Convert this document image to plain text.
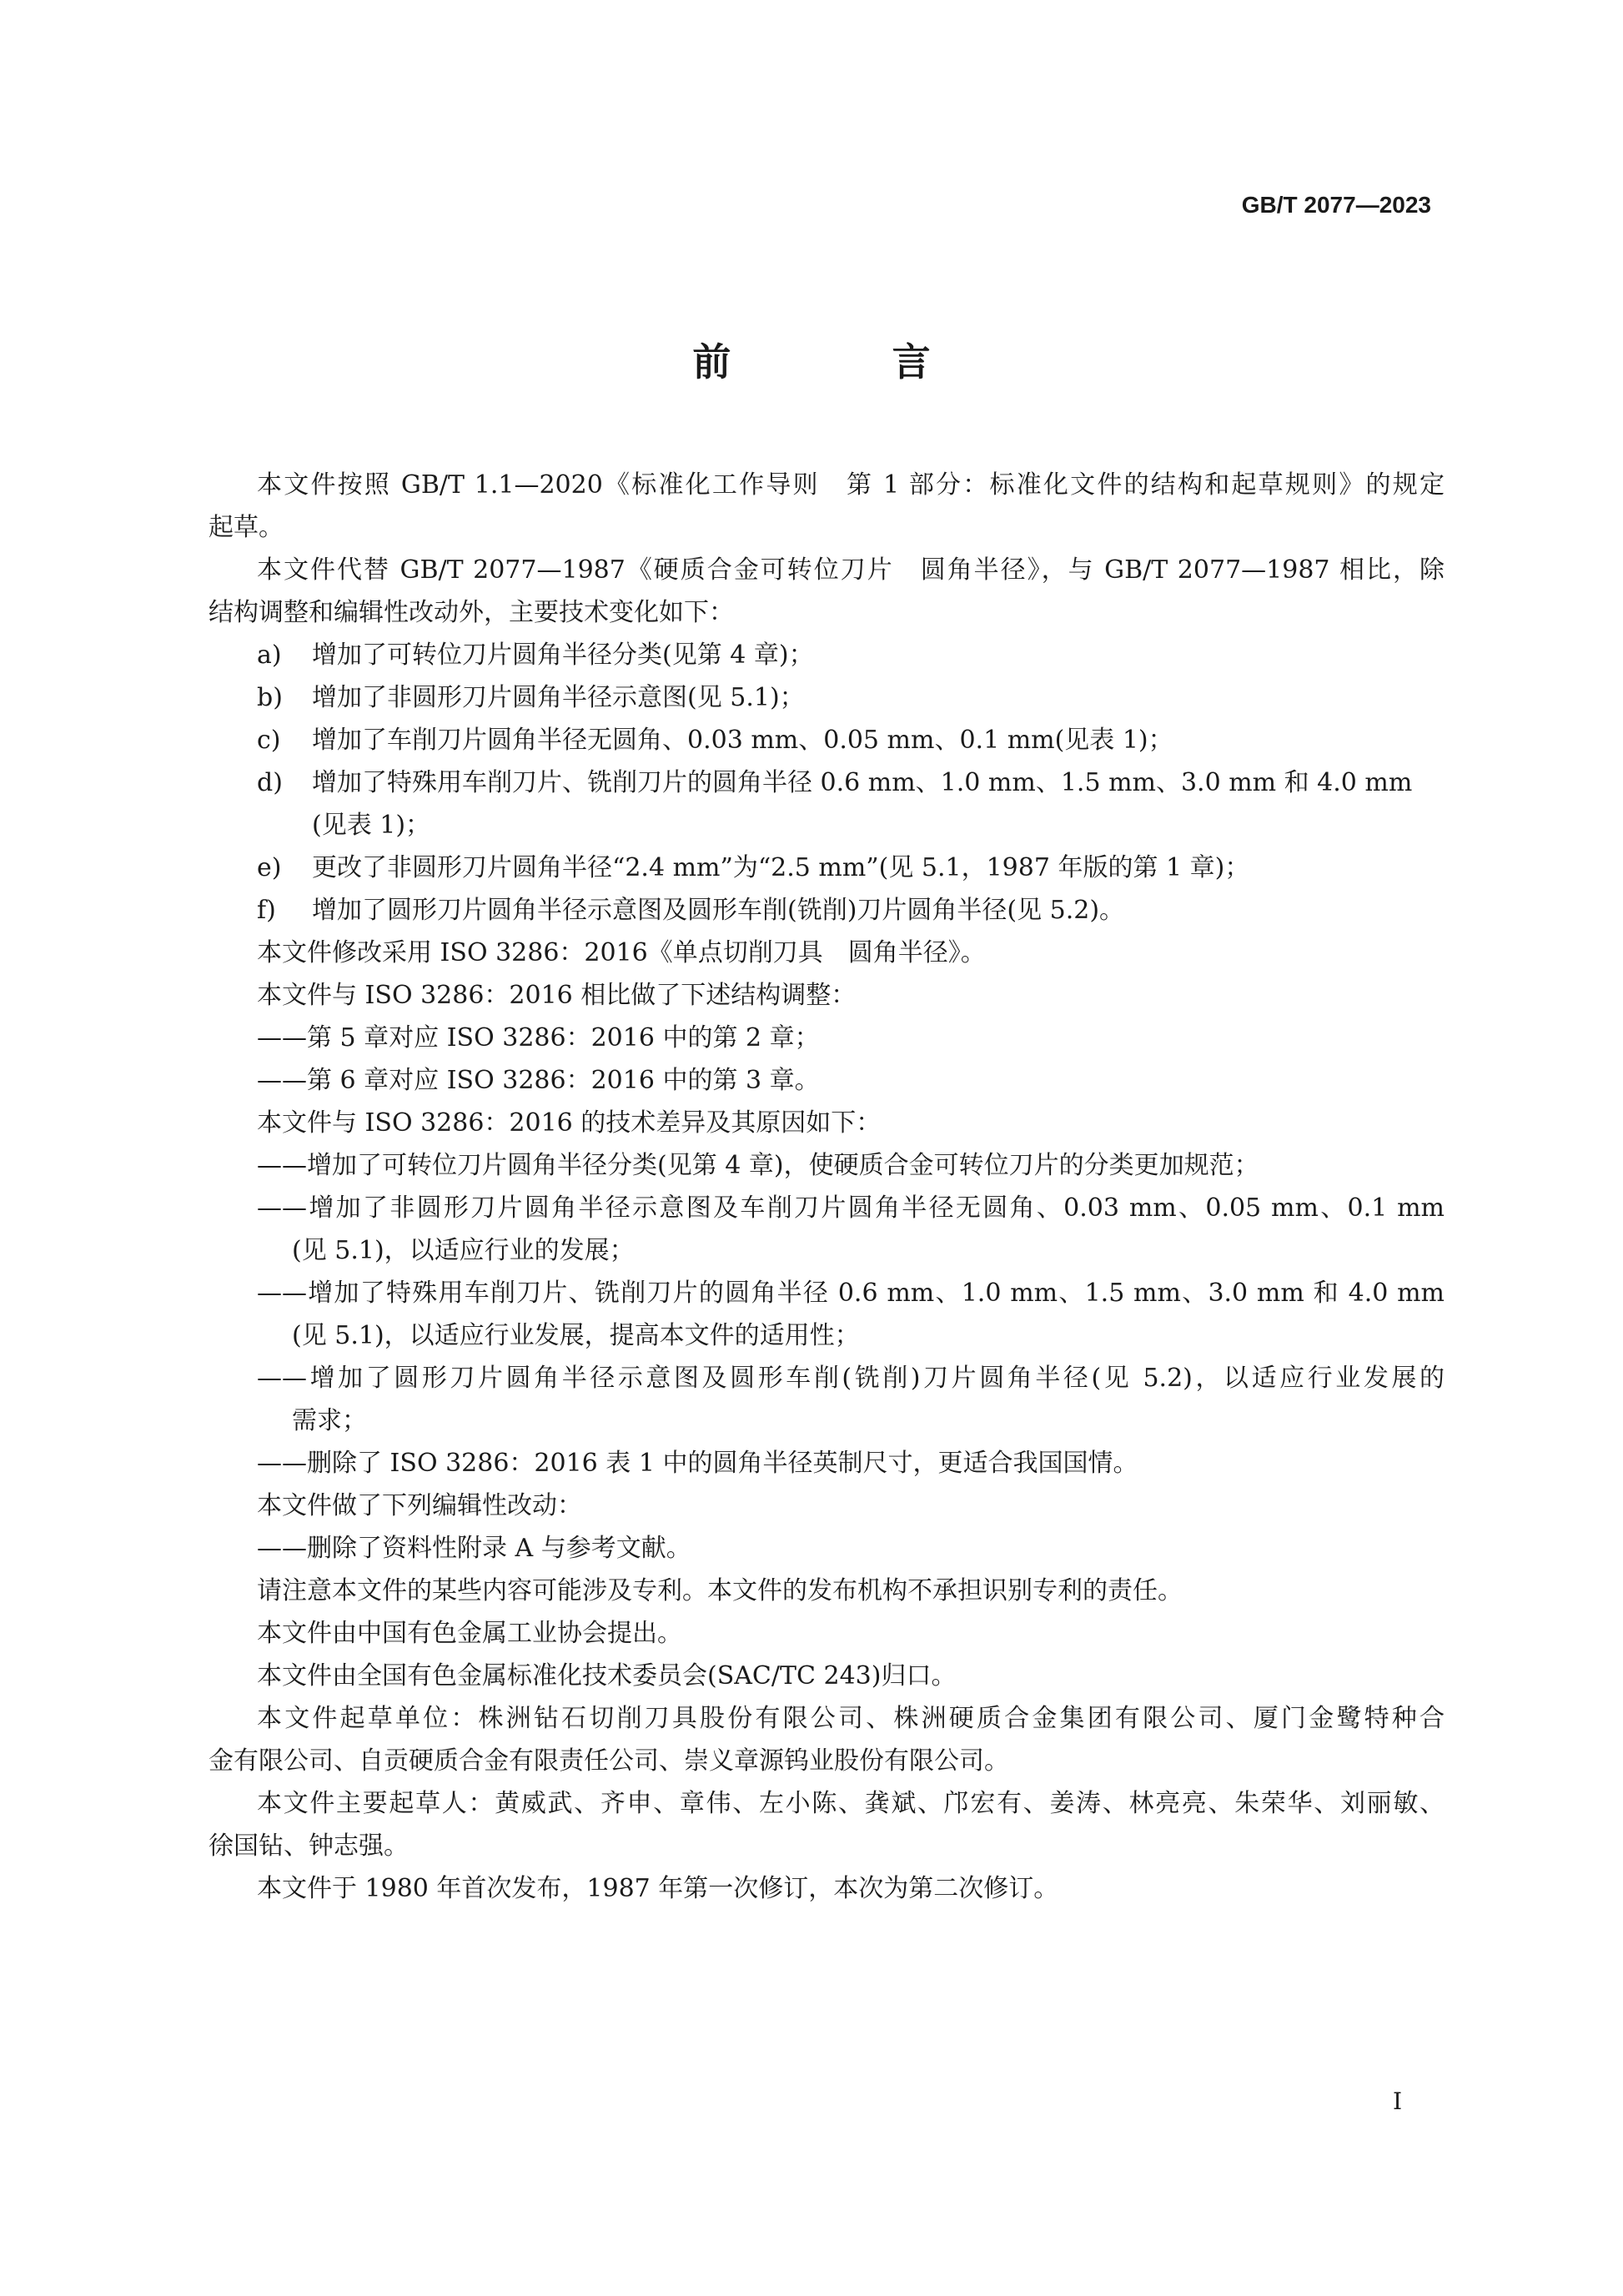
GB/T 2077—2023
前　言
本文件按照 GB/T 1.1—2020《标准化工作导则　第 1 部分：标准化文件的结构和起草规则》的规定
起草。
本文件代替 GB/T 2077—1987《硬质合金可转位刀片　圆角半径》，与 GB/T 2077—1987 相比，除
结构调整和编辑性改动外，主要技术变化如下：
a)	增加了可转位刀片圆角半径分类(见第 4 章)；
b)	增加了非圆形刀片圆角半径示意图(见 5.1)；
c)	增加了车削刀片圆角半径无圆角、0.03 mm、0.05 mm、0.1 mm(见表 1)；
d)	增加了特殊用车削刀片、铣削刀片的圆角半径 0.6 mm、1.0 mm、1.5 mm、3.0 mm 和 4.0 mm
(见表 1)；
e)	更改了非圆形刀片圆角半径“2.4 mm”为“2.5 mm”(见 5.1，1987 年版的第 1 章)；
f)	增加了圆形刀片圆角半径示意图及圆形车削(铣削)刀片圆角半径(见 5.2)。
本文件修改采用 ISO 3286：2016《单点切削刀具　圆角半径》。
本文件与 ISO 3286：2016 相比做了下述结构调整：
——第 5 章对应 ISO 3286：2016 中的第 2 章；
——第 6 章对应 ISO 3286：2016 中的第 3 章。
本文件与 ISO 3286：2016 的技术差异及其原因如下：
——增加了可转位刀片圆角半径分类(见第 4 章)，使硬质合金可转位刀片的分类更加规范；
——增加了非圆形刀片圆角半径示意图及车削刀片圆角半径无圆角、0.03 mm、0.05 mm、0.1 mm
(见 5.1)，以适应行业的发展；
——增加了特殊用车削刀片、铣削刀片的圆角半径 0.6 mm、1.0 mm、1.5 mm、3.0 mm 和 4.0 mm
(见 5.1)，以适应行业发展，提高本文件的适用性；
——增加了圆形刀片圆角半径示意图及圆形车削(铣削)刀片圆角半径(见 5.2)，以适应行业发展的
需求；
——删除了 ISO 3286：2016 表 1 中的圆角半径英制尺寸，更适合我国国情。
本文件做了下列编辑性改动：
——删除了资料性附录 A 与参考文献。
请注意本文件的某些内容可能涉及专利。本文件的发布机构不承担识别专利的责任。
本文件由中国有色金属工业协会提出。
本文件由全国有色金属标准化技术委员会(SAC/TC 243)归口。
本文件起草单位：株洲钻石切削刀具股份有限公司、株洲硬质合金集团有限公司、厦门金鹭特种合
金有限公司、自贡硬质合金有限责任公司、崇义章源钨业股份有限公司。
本文件主要起草人：黄威武、齐申、章伟、左小陈、龚斌、邝宏有、姜涛、林亮亮、朱荣华、刘丽敏、
徐国钻、钟志强。
本文件于 1980 年首次发布，1987 年第一次修订，本次为第二次修订。
I
